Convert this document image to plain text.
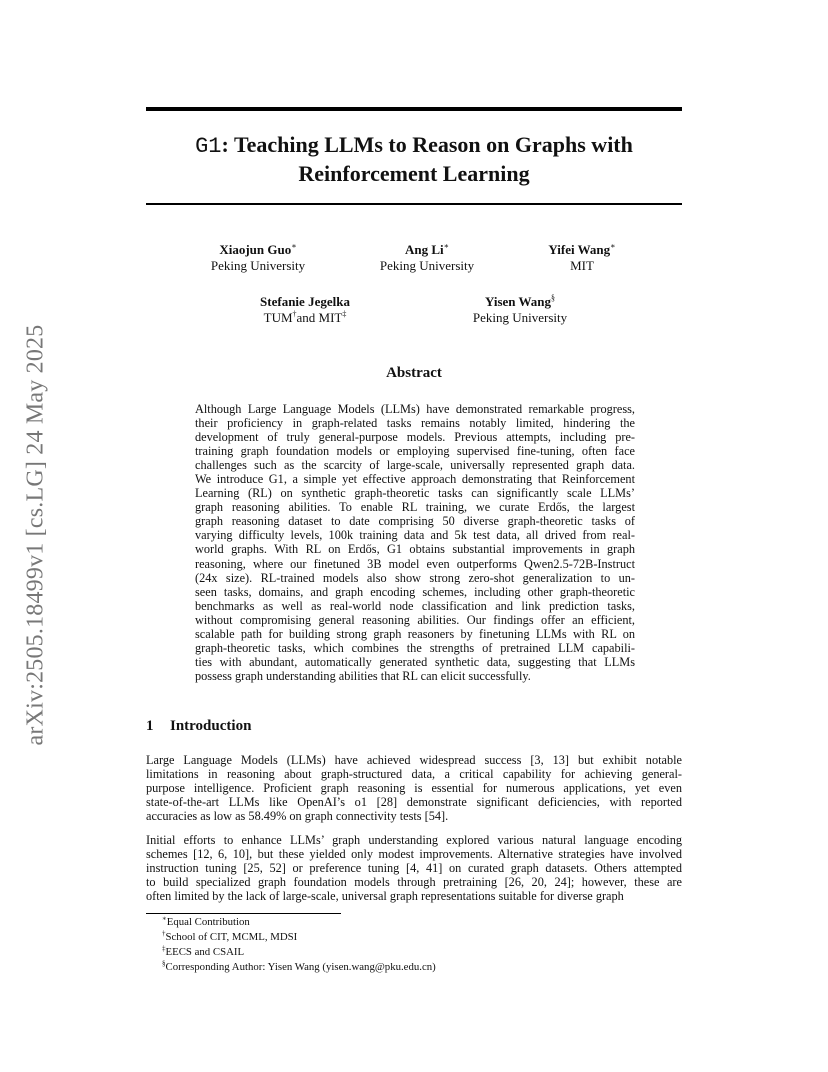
arXiv:2505.18499v1 [cs.LG] 24 May 2025
G1: Teaching LLMs to Reason on Graphs with
Reinforcement Learning
Xiaojun Guo∗
Peking University
Ang Li∗
Peking University
Yifei Wang∗
MIT
Stefanie Jegelka
TUM†and MIT‡
Yisen Wang§
Peking University
Abstract
Although Large Language Models (LLMs) have demonstrated remarkable progress,
their proficiency in graph-related tasks remains notably limited, hindering the
development of truly general-purpose models. Previous attempts, including pre-
training graph foundation models or employing supervised fine-tuning, often face
challenges such as the scarcity of large-scale, universally represented graph data.
We introduce G1, a simple yet effective approach demonstrating that Reinforcement
Learning (RL) on synthetic graph-theoretic tasks can significantly scale LLMs’
graph reasoning abilities. To enable RL training, we curate Erdős, the largest
graph reasoning dataset to date comprising 50 diverse graph-theoretic tasks of
varying difficulty levels, 100k training data and 5k test data, all drived from real-
world graphs. With RL on Erdős, G1 obtains substantial improvements in graph
reasoning, where our finetuned 3B model even outperforms Qwen2.5-72B-Instruct
(24x size). RL-trained models also show strong zero-shot generalization to un-
seen tasks, domains, and graph encoding schemes, including other graph-theoretic
benchmarks as well as real-world node classification and link prediction tasks,
without compromising general reasoning abilities. Our findings offer an efficient,
scalable path for building strong graph reasoners by finetuning LLMs with RL on
graph-theoretic tasks, which combines the strengths of pretrained LLM capabili-
ties with abundant, automatically generated synthetic data, suggesting that LLMs
possess graph understanding abilities that RL can elicit successfully.
1 Introduction
Large Language Models (LLMs) have achieved widespread success [3, 13] but exhibit notable
limitations in reasoning about graph-structured data, a critical capability for achieving general-
purpose intelligence. Proficient graph reasoning is essential for numerous applications, yet even
state-of-the-art LLMs like OpenAI’s o1 [28] demonstrate significant deficiencies, with reported
accuracies as low as 58.49% on graph connectivity tests [54].
Initial efforts to enhance LLMs’ graph understanding explored various natural language encoding
schemes [12, 6, 10], but these yielded only modest improvements. Alternative strategies have involved
instruction tuning [25, 52] or preference tuning [4, 41] on curated graph datasets. Others attempted
to build specialized graph foundation models through pretraining [26, 20, 24]; however, these are
often limited by the lack of large-scale, universal graph representations suitable for diverse graph
∗Equal Contribution
†School of CIT, MCML, MDSI
‡EECS and CSAIL
§Corresponding Author: Yisen Wang (yisen.wang@pku.edu.cn)
